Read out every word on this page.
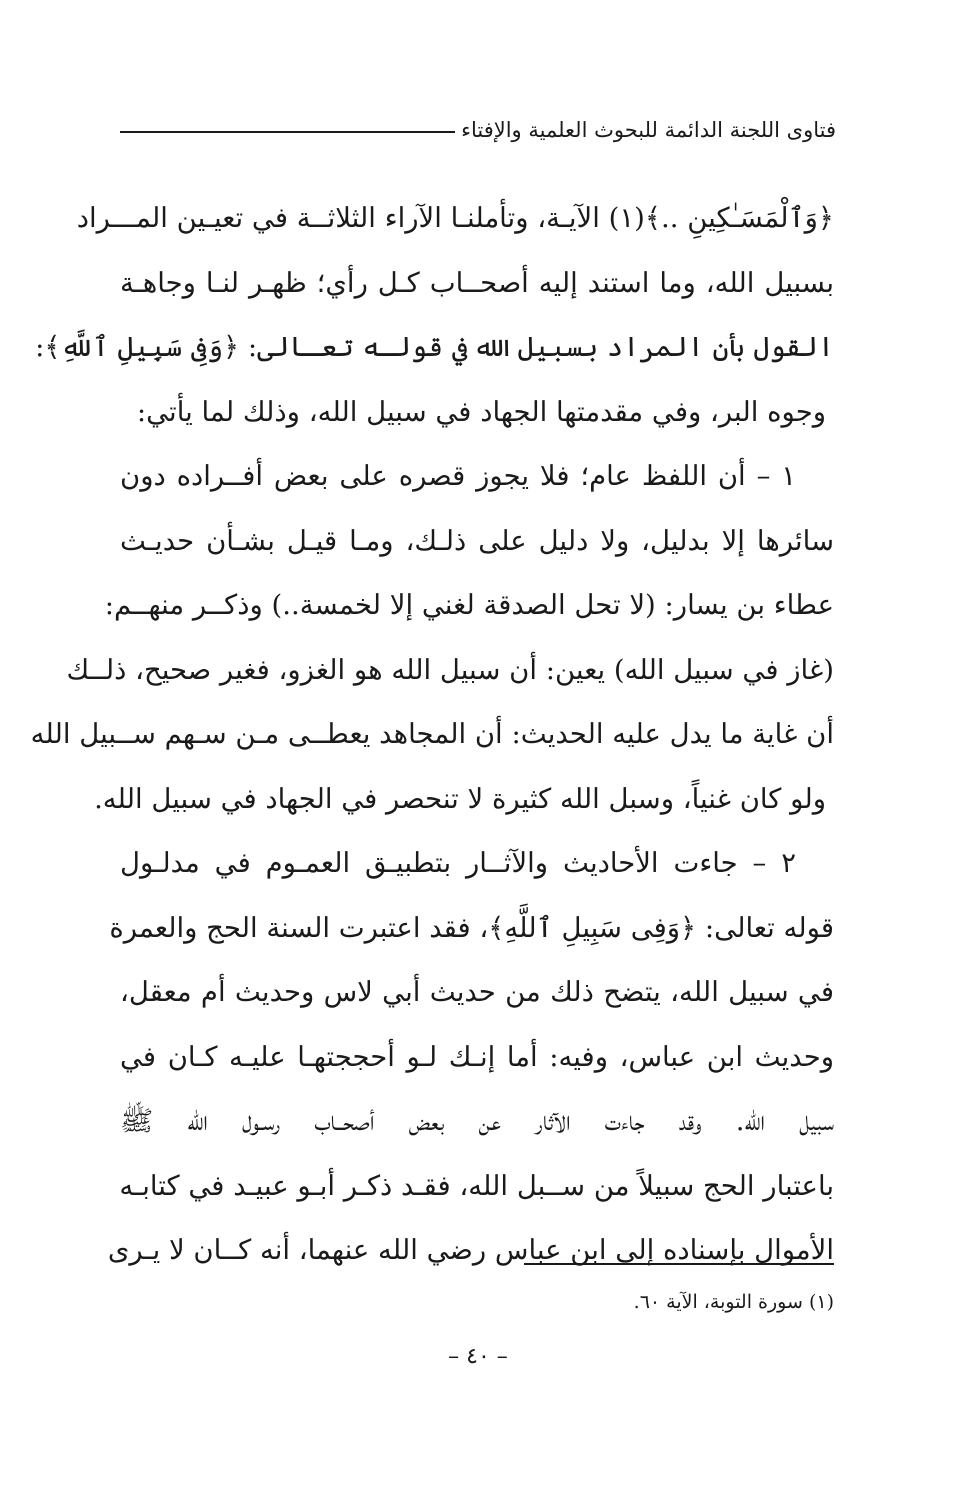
فتاوى اللجنة الدائمة للبحوث العلمية والإفتاء
﴿وَٱلْمَسَـٰكِينِ ..﴾(١) الآيـة، وتأملنـا الآراء الثلاثــة في تعيـين المـــراد
بسبيل الله، وما استند إليه أصحــاب كـل رأي؛ ظهـر لنـا وجاهـة
القول بأن المراد بسبيل الله في قولـه تعـالى: ﴿وَفِى سَبِيلِ ٱللَّهِ﴾:
وجوه البر، وفي مقدمتها الجهاد في سبيل الله، وذلك لما يأتي:
١ – أن اللفظ عام؛ فلا يجوز قصره على بعض أفــراده دون
سائرها إلا بدليل، ولا دليل على ذلـك، ومـا قيـل بشـأن حديـث
عطاء بن يسار: (لا تحل الصدقة لغني إلا لخمسة..) وذكــر منهــم:
(غاز في سبيل الله) يعين: أن سبيل الله هو الغزو، فغير صحيح، ذلــك
أن غاية ما يدل عليه الحديث: أن المجاهد يعطــى مـن سـهم ســبيل الله
ولو كان غنياً، وسبل الله كثيرة لا تنحصر في الجهاد في سبيل الله.
٢ – جاءت الأحاديث والآثــار بتطبيـق العمـوم في مدلـول
قوله تعالى: ﴿وَفِى سَبِيلِ ٱللَّهِ﴾، فقد اعتبرت السنة الحج والعمرة
في سبيل الله، يتضح ذلك من حديث أبي لاس وحديث أم معقل،
وحديث ابن عباس، وفيه: أما إنـك لـو أحججتهـا عليـه كـان في
سبيل الله. وقد جاءت الآثار عن بعض أصحــاب رسـول الله ﷺ
باعتبار الحج سبيلاً من ســبل الله، فقـد ذكـر أبـو عبيـد في كتابـه
الأموال بإسناده إلى ابن عباس رضي الله عنهما، أنه كــان لا يـرى
(١) سورة التوبة، الآية ٦٠.
– ٤٠ –
